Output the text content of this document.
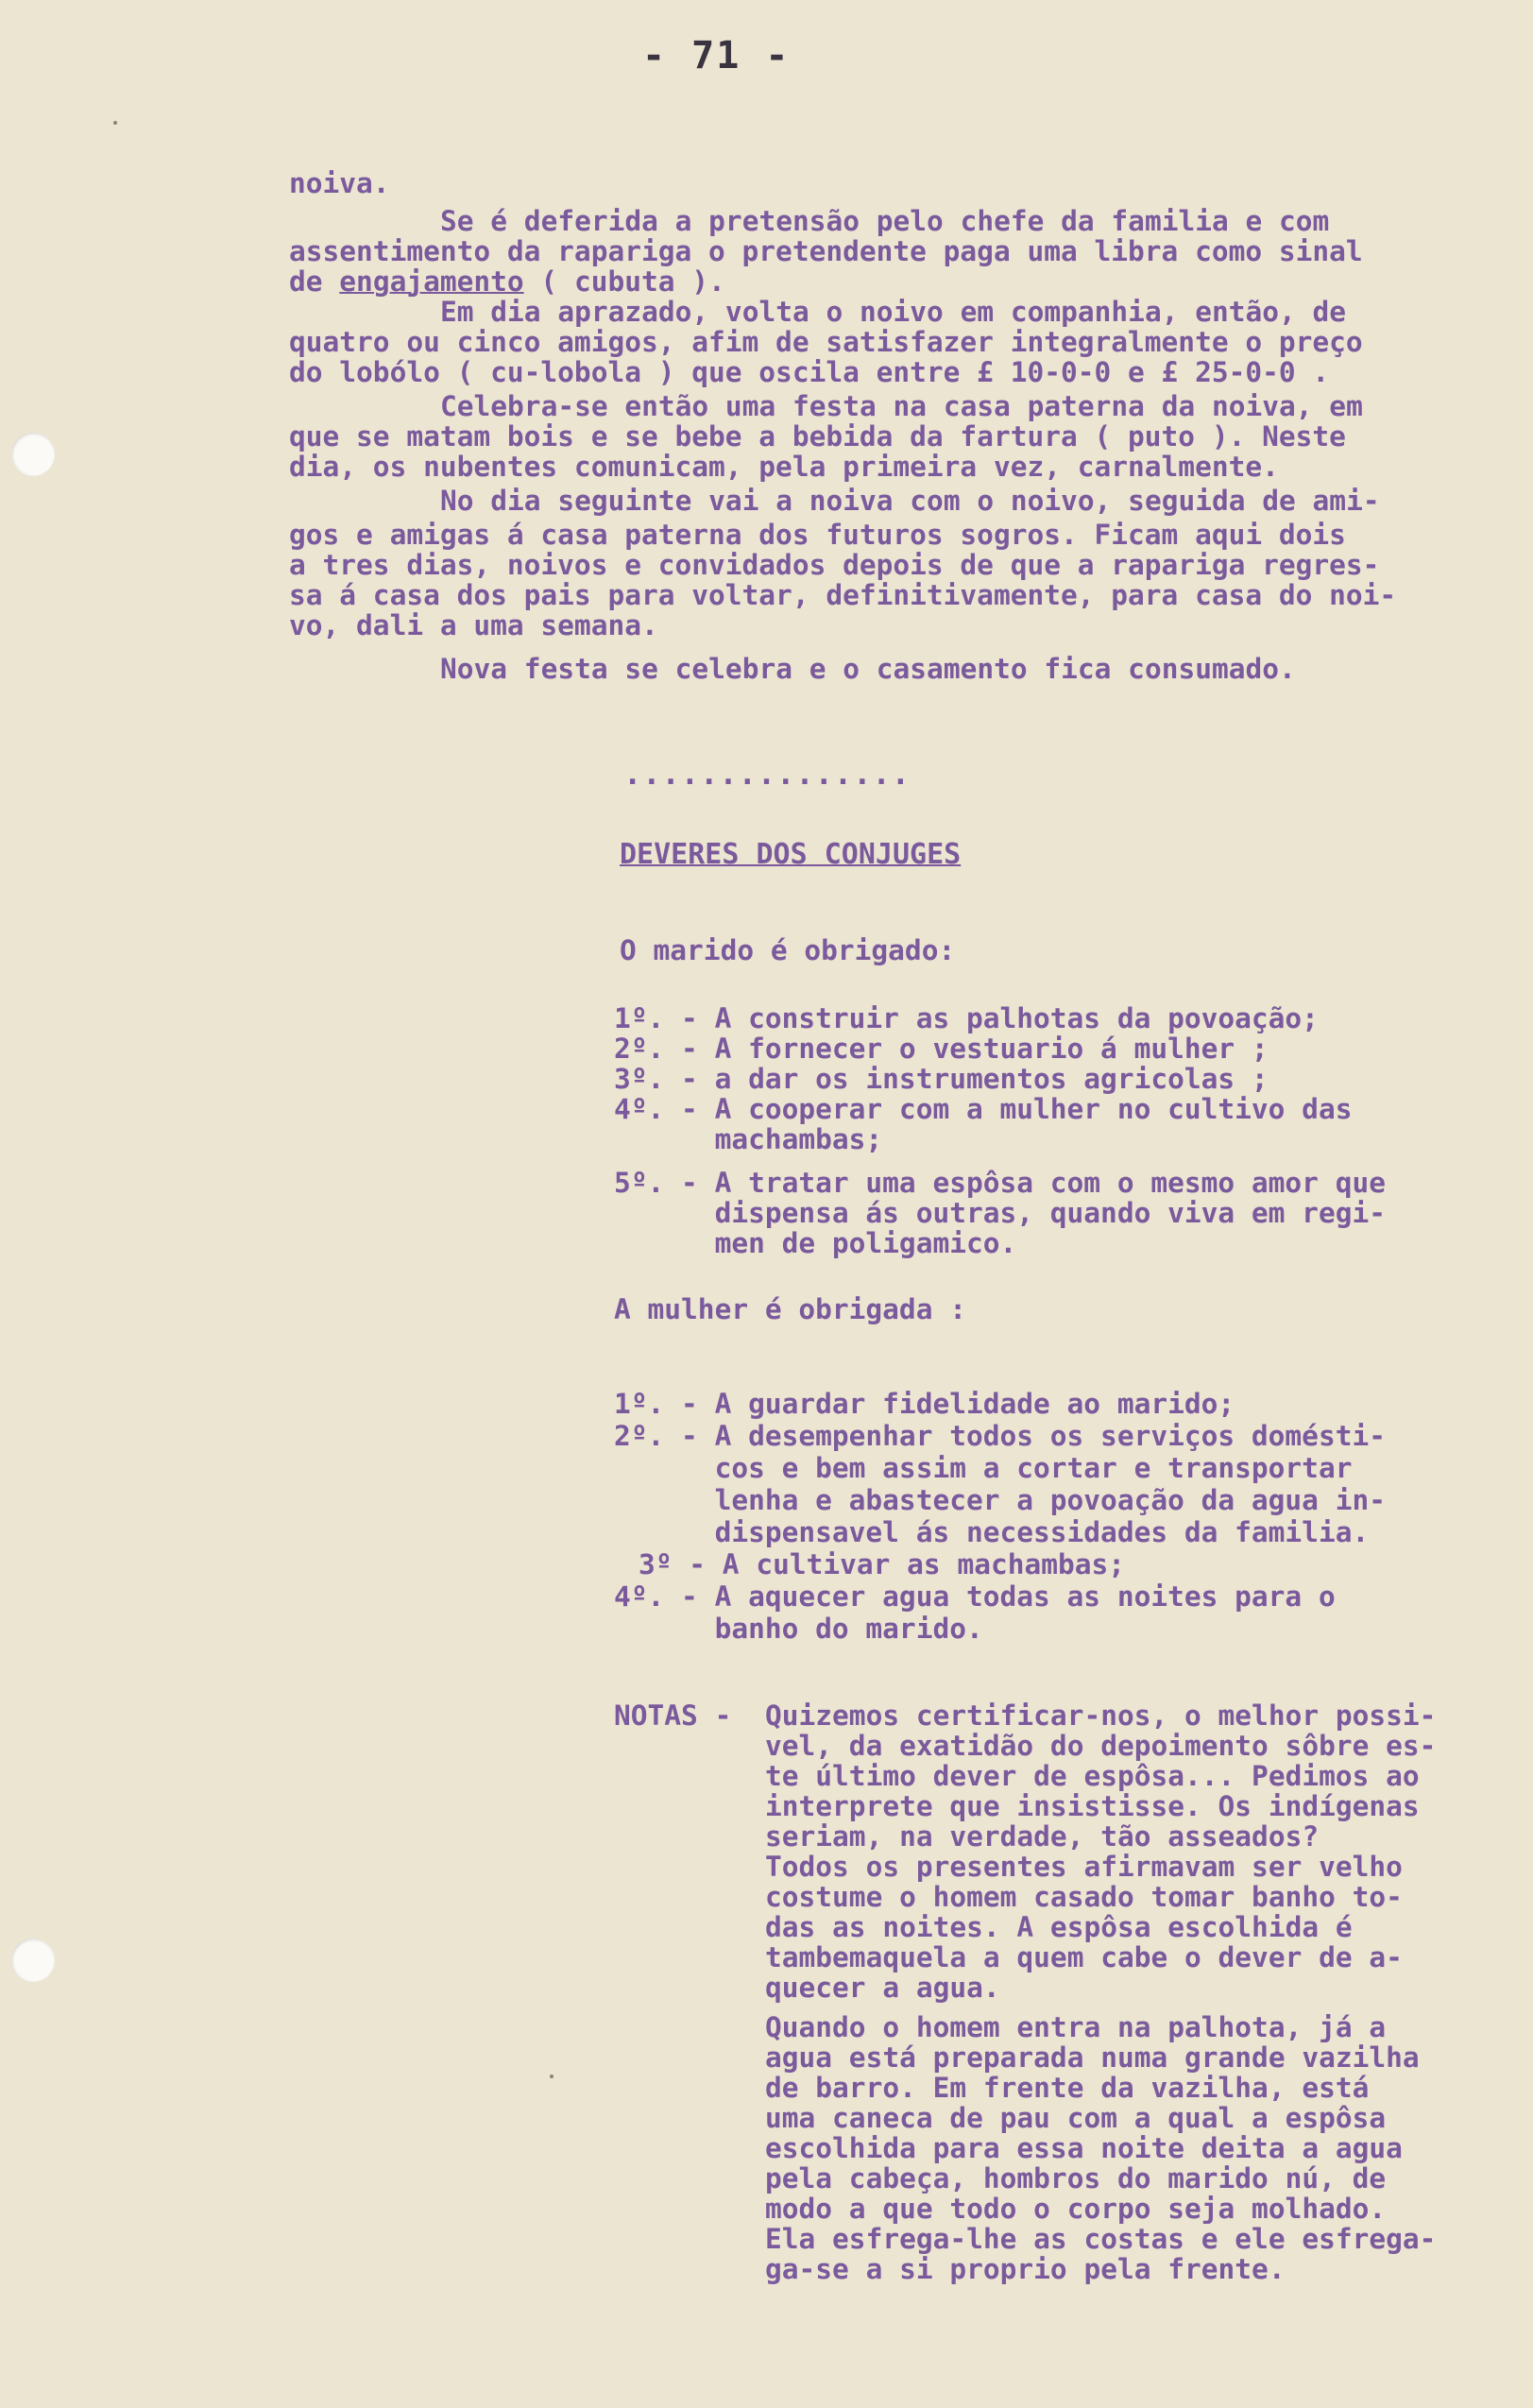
- 71 -
noiva.
Se é deferida a pretensão pelo chefe da familia e com
assentimento da rapariga o pretendente paga uma libra como sinal
de engajamento ( cubuta ).
Em dia aprazado, volta o noivo em companhia, então, de
quatro ou cinco amigos, afim de satisfazer integralmente o preço
do lobólo ( cu-lobola ) que oscila entre £ 10-0-0 e £ 25-0-0 .
Celebra-se então uma festa na casa paterna da noiva, em
que se matam bois e se bebe a bebida da fartura ( puto ). Neste
dia, os nubentes comunicam, pela primeira vez, carnalmente.
No dia seguinte vai a noiva com o noivo, seguida de ami-
gos e amigas á casa paterna dos futuros sogros. Ficam aqui dois
a tres dias, noivos e convidados depois de que a rapariga regres-
sa á casa dos pais para voltar, definitivamente, para casa do noi-
vo, dali a uma semana.
Nova festa se celebra e o casamento fica consumado.
...............
DEVERES DOS CONJUGES
O marido é obrigado:
1º. - A construir as palhotas da povoação;
2º. - A fornecer o vestuario á mulher ;
3º. - a dar os instrumentos agricolas ;
4º. - A cooperar com a mulher no cultivo das
machambas;
5º. - A tratar uma espôsa com o mesmo amor que
dispensa ás outras, quando viva em regi-
men de poligamico.
A mulher é obrigada :
1º. - A guardar fidelidade ao marido;
2º. - A desempenhar todos os serviços domésti-
cos e bem assim a cortar e transportar
lenha e abastecer a povoação da agua in-
dispensavel ás necessidades da familia.
3º - A cultivar as machambas;
4º. - A aquecer agua todas as noites para o
banho do marido.
NOTAS - Quizemos certificar-nos, o melhor possi-
vel, da exatidão do depoimento sôbre es-
te último dever de espôsa... Pedimos ao
interprete que insistisse. Os indígenas
seriam, na verdade, tão asseados?
Todos os presentes afirmavam ser velho
costume o homem casado tomar banho to-
das as noites. A espôsa escolhida é
tambemaquela a quem cabe o dever de a-
quecer a agua.
Quando o homem entra na palhota, já a
agua está preparada numa grande vazilha
de barro. Em frente da vazilha, está
uma caneca de pau com a qual a espôsa
escolhida para essa noite deita a agua
pela cabeça, hombros do marido nú, de
modo a que todo o corpo seja molhado.
Ela esfrega-lhe as costas e ele esfrega-
ga-se a si proprio pela frente.
